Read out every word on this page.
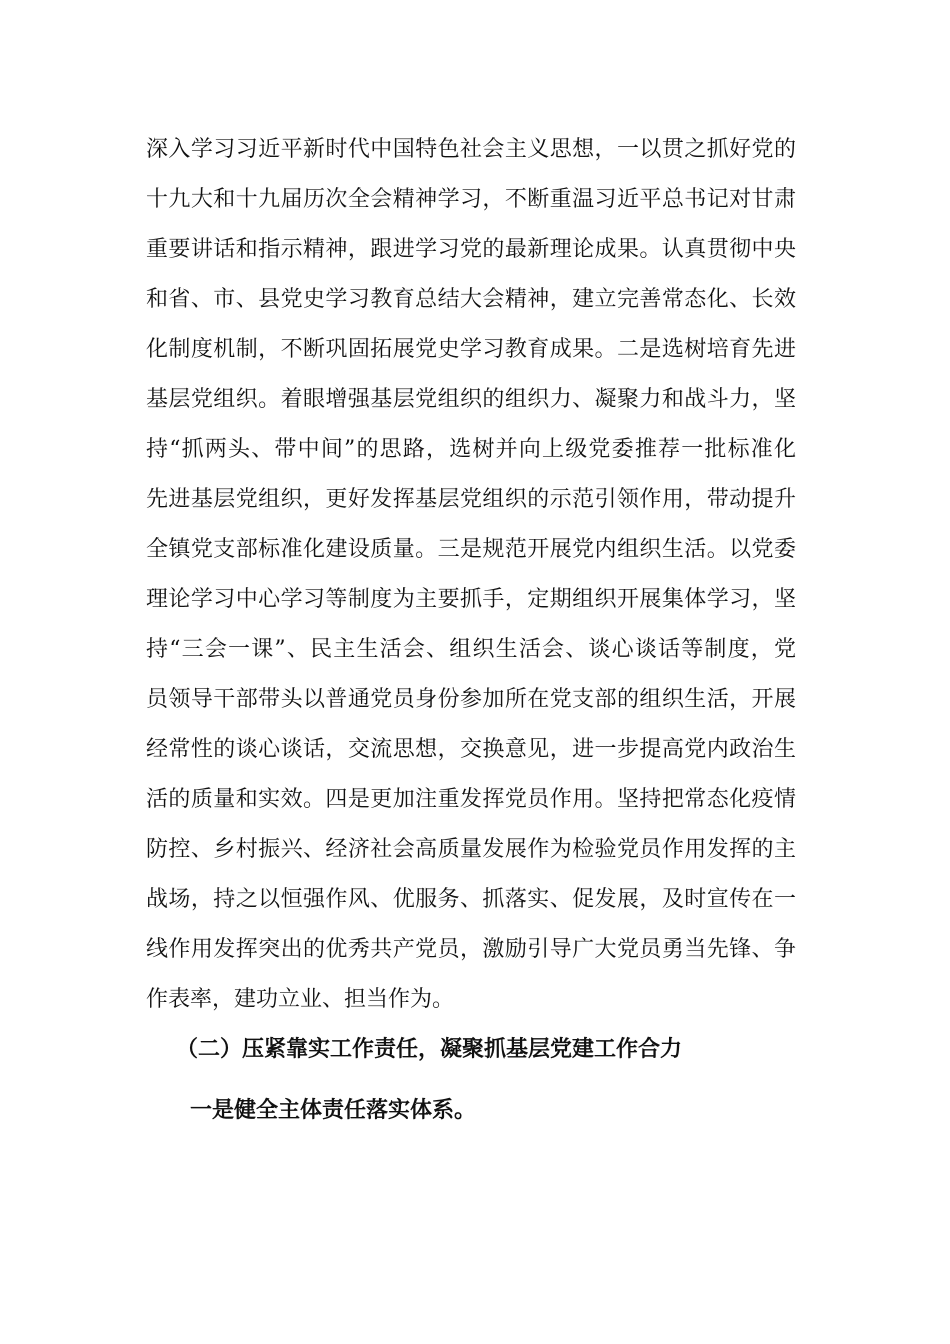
深入学习习近平新时代中国特色社会主义思想，一以贯之抓好党的
十九大和十九届历次全会精神学习，不断重温习近平总书记对甘肃
重要讲话和指示精神，跟进学习党的最新理论成果。认真贯彻中央
和省、市、县党史学习教育总结大会精神，建立完善常态化、长效
化制度机制，不断巩固拓展党史学习教育成果。二是选树培育先进
基层党组织。着眼增强基层党组织的组织力、凝聚力和战斗力，坚
持“抓两头、带中间”的思路，选树并向上级党委推荐一批标准化
先进基层党组织，更好发挥基层党组织的示范引领作用，带动提升
全镇党支部标准化建设质量。三是规范开展党内组织生活。以党委
理论学习中心学习等制度为主要抓手，定期组织开展集体学习，坚
持“三会一课”、民主生活会、组织生活会、谈心谈话等制度，党
员领导干部带头以普通党员身份参加所在党支部的组织生活，开展
经常性的谈心谈话，交流思想，交换意见，进一步提高党内政治生
活的质量和实效。四是更加注重发挥党员作用。坚持把常态化疫情
防控、乡村振兴、经济社会高质量发展作为检验党员作用发挥的主
战场，持之以恒强作风、优服务、抓落实、促发展，及时宣传在一
线作用发挥突出的优秀共产党员，激励引导广大党员勇当先锋、争
作表率，建功立业、担当作为。
（二）压紧靠实工作责任，凝聚抓基层党建工作合力
一是健全主体责任落实体系。
